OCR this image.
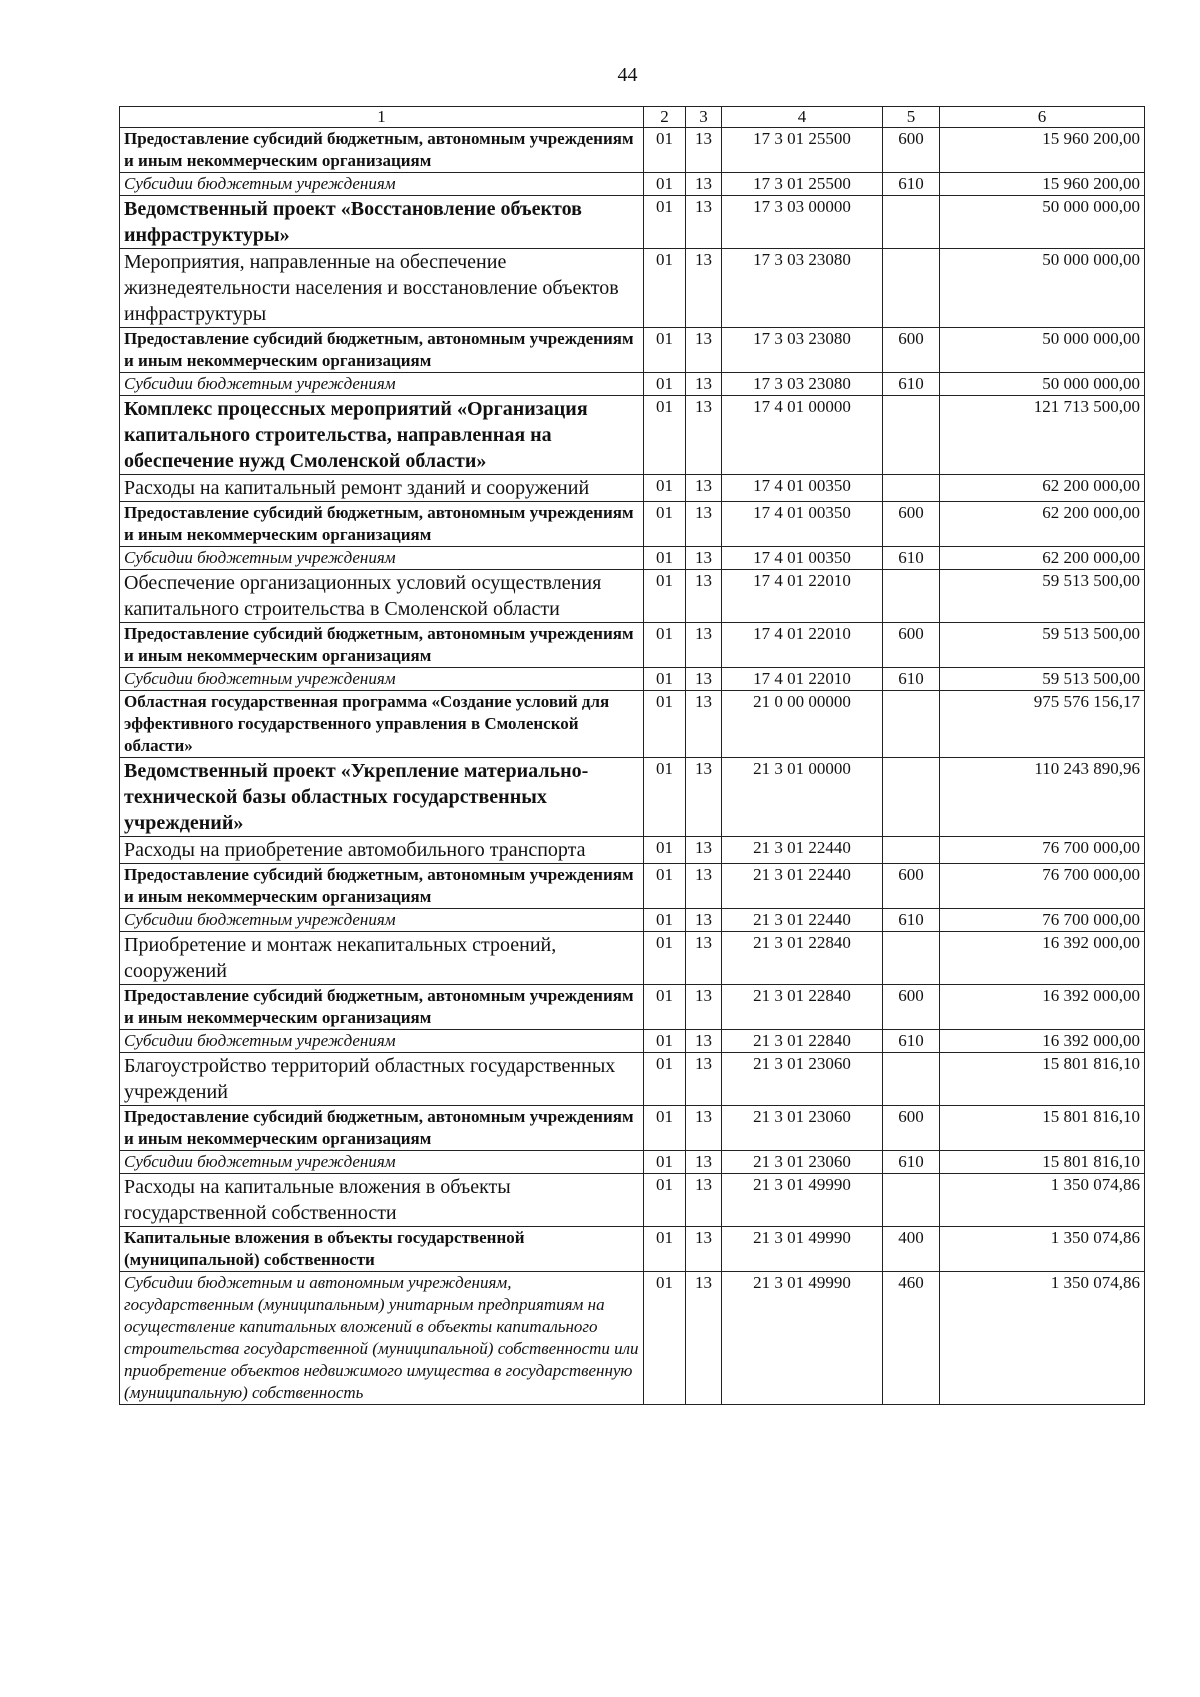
44
1	2	3	4	5	6
Предоставление субсидий бюджетным, автономным учреждениям и иным некоммерческим организациям	01	13	17 3 01 25500	600	15 960 200,00
Субсидии бюджетным учреждениям	01	13	17 3 01 25500	610	15 960 200,00
Ведомственный проект «Восстановление объектов инфраструктуры»	01	13	17 3 03 00000		50 000 000,00
Мероприятия, направленные на обеспечение жизнедеятельности населения и восстановление объектов инфраструктуры	01	13	17 3 03 23080		50 000 000,00
Предоставление субсидий бюджетным, автономным учреждениям и иным некоммерческим организациям	01	13	17 3 03 23080	600	50 000 000,00
Субсидии бюджетным учреждениям	01	13	17 3 03 23080	610	50 000 000,00
Комплекс процессных мероприятий «Организация капитального строительства, направленная на обеспечение нужд Смоленской области»	01	13	17 4 01 00000		121 713 500,00
Расходы на капитальный ремонт зданий и сооружений	01	13	17 4 01 00350		62 200 000,00
Предоставление субсидий бюджетным, автономным учреждениям и иным некоммерческим организациям	01	13	17 4 01 00350	600	62 200 000,00
Субсидии бюджетным учреждениям	01	13	17 4 01 00350	610	62 200 000,00
Обеспечение организационных условий осуществления капитального строительства в Смоленской области	01	13	17 4 01 22010		59 513 500,00
Предоставление субсидий бюджетным, автономным учреждениям и иным некоммерческим организациям	01	13	17 4 01 22010	600	59 513 500,00
Субсидии бюджетным учреждениям	01	13	17 4 01 22010	610	59 513 500,00
Областная государственная программа «Создание условий для эффективного государственного управления в Смоленской области»	01	13	21 0 00 00000		975 576 156,17
Ведомственный проект «Укрепление материально-технической базы областных государственных учреждений»	01	13	21 3 01 00000		110 243 890,96
Расходы на приобретение автомобильного транспорта	01	13	21 3 01 22440		76 700 000,00
Предоставление субсидий бюджетным, автономным учреждениям и иным некоммерческим организациям	01	13	21 3 01 22440	600	76 700 000,00
Субсидии бюджетным учреждениям	01	13	21 3 01 22440	610	76 700 000,00
Приобретение и монтаж некапитальных строений, сооружений	01	13	21 3 01 22840		16 392 000,00
Предоставление субсидий бюджетным, автономным учреждениям и иным некоммерческим организациям	01	13	21 3 01 22840	600	16 392 000,00
Субсидии бюджетным учреждениям	01	13	21 3 01 22840	610	16 392 000,00
Благоустройство территорий областных государственных учреждений	01	13	21 3 01 23060		15 801 816,10
Предоставление субсидий бюджетным, автономным учреждениям и иным некоммерческим организациям	01	13	21 3 01 23060	600	15 801 816,10
Субсидии бюджетным учреждениям	01	13	21 3 01 23060	610	15 801 816,10
Расходы на капитальные вложения в объекты государственной собственности	01	13	21 3 01 49990		1 350 074,86
Капитальные вложения в объекты государственной (муниципальной) собственности	01	13	21 3 01 49990	400	1 350 074,86
Субсидии бюджетным и автономным учреждениям, государственным (муниципальным) унитарным предприятиям на осуществление капитальных вложений в объекты капитального строительства государственной (муниципальной) собственности или приобретение объектов недвижимого имущества в государственную (муниципальную) собственность	01	13	21 3 01 49990	460	1 350 074,86
